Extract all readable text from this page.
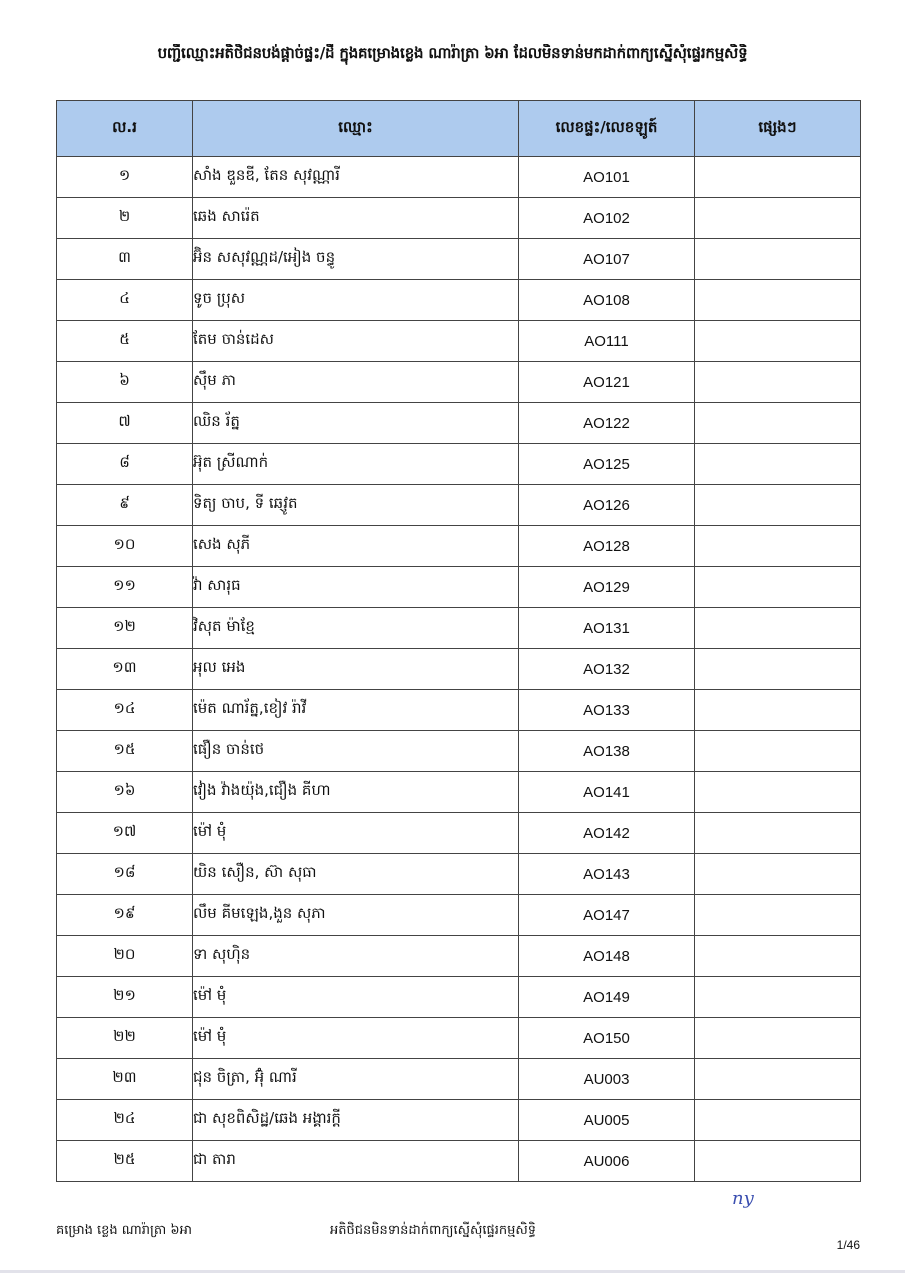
បញ្ជីឈ្មោះអតិថិជនបង់ផ្តាច់ផ្ទះ/ដី ក្នុងគម្រោងខ្លេង ណារ៉ាត្រា ៦អា ដែលមិនទាន់មកដាក់ពាក្យស្នើសុំផ្ទេរកម្មសិទ្ធិ
ល.រ	ឈ្មោះ	លេខផ្ទះ/លេខឡូត៍	ផ្សេងៗ
១	សាំង ឌួនឌី, តែន សុវណ្ណារី	AO101	
២	ឆេង សារ៉េត	AO102	
៣	អ៊ិន សសុវណ្ណដ/អៀង ចន្ធូ	AO107	
៤	ទូច ប្រុស	AO108	
៥	តែម ចាន់ដេស	AO111	
៦	ស៊ឹម ភា	AO121	
៧	ឈិន រ័ត្ន	AO122	
៨	អ៊ុត ស្រីណាក់	AO125	
៩	ទិត្យ ចាប, ទី ឆេវ្ញូត	AO126	
១០	សេង សុភី	AO128	
១១	វ៉ា សារុធ	AO129	
១២	វិសុត ម៉ាខ្មែ	AO131	
១៣	អុល អេង	AO132	
១៤	ម៉េត ណារ័ត្ន,ខៀវ រ៉ាវី	AO133	
១៥	ផឿន ចាន់ថេ	AO138	
១៦	វៀង វ៉ាងយ៉ុង,ជឿង គីហា	AO141	
១៧	ម៉ៅ មុំ	AO142	
១៨	យិន សឿន, ស៊ា សុធា	AO143	
១៩	លឹម គីមឡេង,ងួន សុភា	AO147	
២០	ទា សុហ៊ិន	AO148	
២១	ម៉ៅ មុំ	AO149	
២២	ម៉ៅ មុំ	AO150	
២៣	ជុន ចិត្រា, អ៊ុំ ណារី	AU003	
២៤	ជា សុខពិសិដ្ឋ/ឆេង អង្គារក្តី	AU005	
២៥	ជា តារា	AU006	
ny
គម្រោង ខ្លេង ណារ៉ាត្រា ៦អា	អតិថិជនមិនទាន់ដាក់ពាក្យស្នើសុំផ្ទេរកម្មសិទ្ធិ
1/46
